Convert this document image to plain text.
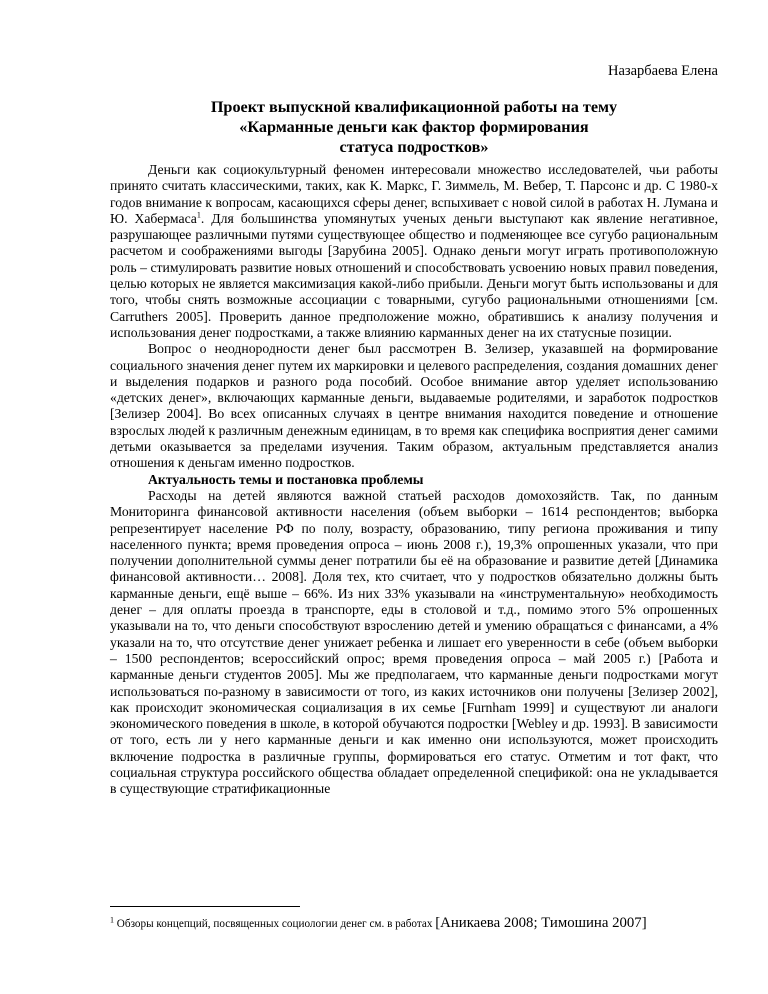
Назарбаева Елена
Проект выпускной квалификационной работы на тему
«Карманные деньги как фактор формирования
статуса подростков»

Деньги как социокультурный феномен интересовали множество исследователей, чьи работы принято считать классическими, таких, как К. Маркс, Г. Зиммель, М. Вебер, Т. Парсонс и др. С 1980-х годов внимание к вопросам, касающихся сферы денег, вспыхивает с новой силой в работах Н. Лумана и Ю. Хабермаса$^1$. Для большинства упомянутых ученых деньги выступают как явление негативное, разрушающее различными путями существующее общество и подменяющее все сугубо рациональным расчетом и соображениями выгоды [Зарубина 2005]. Однако деньги могут играть противоположную роль – стимулировать развитие новых отношений и способствовать усвоению новых правил поведения, целью которых не является максимизация какой-либо прибыли. Деньги могут быть использованы и для того, чтобы снять возможные ассоциации с товарными, сугубо рациональными отношениями [см. Carruthers 2005]. Проверить данное предположение можно, обратившись к анализу получения и использования денег подростками, а также влиянию карманных денег на их статусные позиции.

Вопрос о неоднородности денег был рассмотрен В. Зелизер, указавшей на формирование социального значения денег путем их маркировки и целевого распределения, создания домашних денег и выделения подарков и разного рода пособий. Особое внимание автор уделяет использованию «детских денег», включающих карманные деньги, выдаваемые родителями, и заработок подростков [Зелизер 2004]. Во всех описанных случаях в центре внимания находится поведение и отношение взрослых людей к различным денежным единицам, в то время как специфика восприятия денег самими детьми оказывается за пределами изучения. Таким образом, актуальным представляется анализ отношения к деньгам именно подростков.

Актуальность темы и постановка проблемы

Расходы на детей являются важной статьей расходов домохозяйств. Так, по данным Мониторинга финансовой активности населения (объем выборки – 1614 респондентов; выборка репрезентирует население РФ по полу, возрасту, образованию, типу региона проживания и типу населенного пункта; время проведения опроса – июнь 2008 г.), 19,3% опрошенных указали, что при получении дополнительной суммы денег потратили бы её на образование и развитие детей [Динамика финансовой активности… 2008]. Доля тех, кто считает, что у подростков обязательно должны быть карманные деньги, ещё выше – 66%. Из них 33% указывали на «инструментальную» необходимость денег – для оплаты проезда в транспорте, еды в столовой и т.д., помимо этого 5% опрошенных указывали на то, что деньги способствуют взрослению детей и умению обращаться с финансами, а 4% указали на то, что отсутствие денег унижает ребенка и лишает его уверенности в себе (объем выборки – 1500 респондентов; всероссийский опрос; время проведения опроса – май 2005 г.) [Работа и карманные деньги студентов 2005]. Мы же предполагаем, что карманные деньги подростками могут использоваться по-разному в зависимости от того, из каких источников они получены [Зелизер 2002], как происходит экономическая социализация в их семье [Furnham 1999] и существуют ли аналоги экономического поведения в школе, в которой обучаются подростки [Webley и др. 1993]. В зависимости от того, есть ли у него карманные деньги и как именно они используются, может происходить включение подростка в различные группы, формироваться его статус. Отметим и тот факт, что социальная структура российского общества обладает определенной спецификой: она не укладывается в существующие стратификационные

$^1$ Обзоры концепций, посвященных социологии денег см. в работах [Аникаева 2008; Тимошина 2007]
